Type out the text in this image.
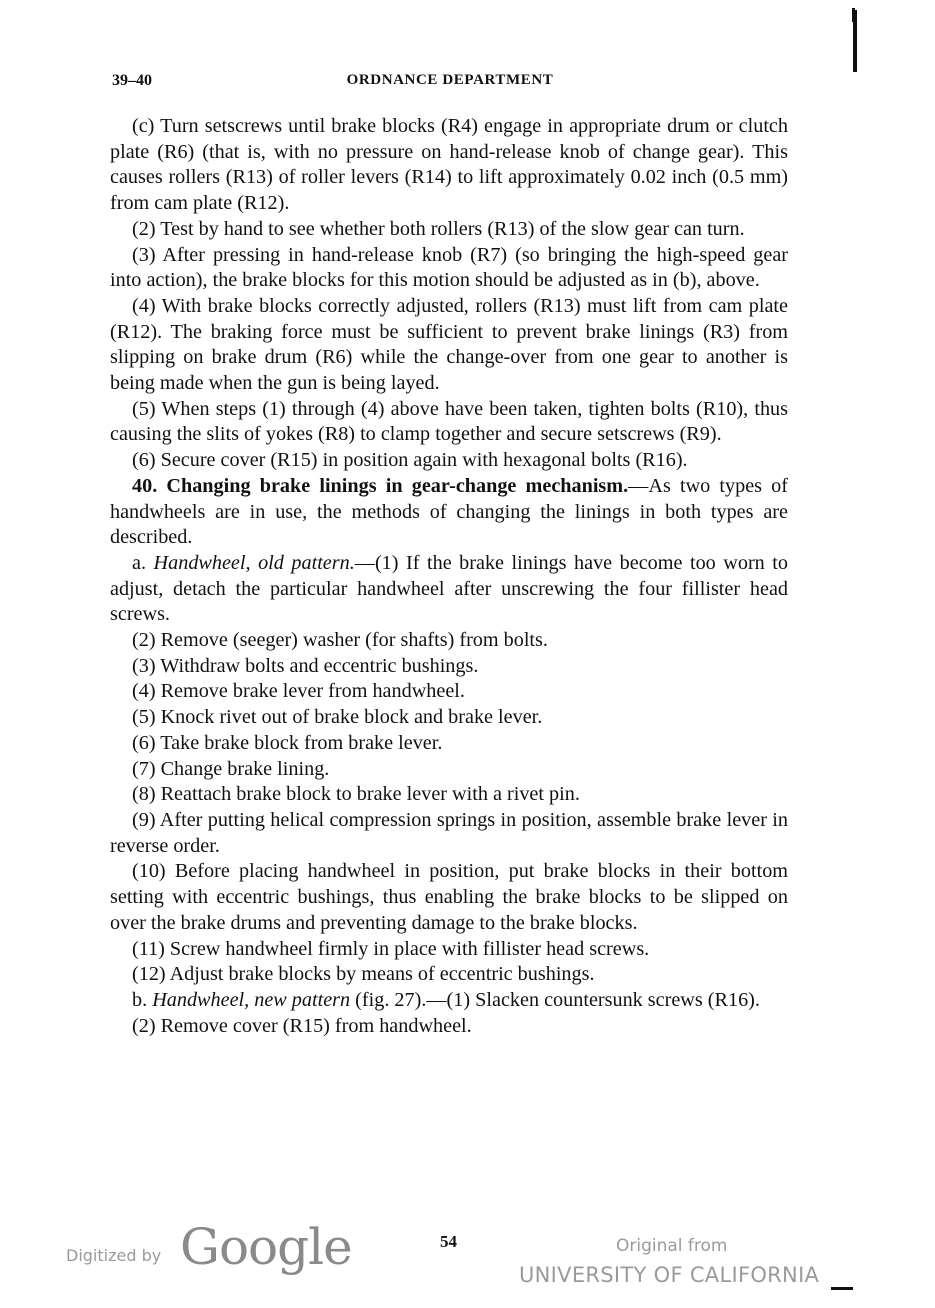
39–40	ORDNANCE DEPARTMENT

(c) Turn setscrews until brake blocks (R4) engage in appropriate drum or clutch plate (R6) (that is, with no pressure on hand-release knob of change gear). This causes rollers (R13) of roller levers (R14) to lift approximately 0.02 inch (0.5 mm) from cam plate (R12).

(2) Test by hand to see whether both rollers (R13) of the slow gear can turn.

(3) After pressing in hand-release knob (R7) (so bringing the high-speed gear into action), the brake blocks for this motion should be adjusted as in (b), above.

(4) With brake blocks correctly adjusted, rollers (R13) must lift from cam plate (R12). The braking force must be sufficient to prevent brake linings (R3) from slipping on brake drum (R6) while the change-over from one gear to another is being made when the gun is being layed.

(5) When steps (1) through (4) above have been taken, tighten bolts (R10), thus causing the slits of yokes (R8) to clamp together and secure setscrews (R9).

(6) Secure cover (R15) in position again with hexagonal bolts (R16).

40. Changing brake linings in gear-change mechanism.—As two types of handwheels are in use, the methods of changing the linings in both types are described.

a. Handwheel, old pattern.—(1) If the brake linings have become too worn to adjust, detach the particular handwheel after unscrewing the four fillister head screws.

(2) Remove (seeger) washer (for shafts) from bolts.

(3) Withdraw bolts and eccentric bushings.

(4) Remove brake lever from handwheel.

(5) Knock rivet out of brake block and brake lever.

(6) Take brake block from brake lever.

(7) Change brake lining.

(8) Reattach brake block to brake lever with a rivet pin.

(9) After putting helical compression springs in position, assemble brake lever in reverse order.

(10) Before placing handwheel in position, put brake blocks in their bottom setting with eccentric bushings, thus enabling the brake blocks to be slipped on over the brake drums and preventing damage to the brake blocks.

(11) Screw handwheel firmly in place with fillister head screws.

(12) Adjust brake blocks by means of eccentric bushings.

b. Handwheel, new pattern (fig. 27).—(1) Slacken countersunk screws (R16).

(2) Remove cover (R15) from handwheel.

Digitized by Google	54	Original from
UNIVERSITY OF CALIFORNIA
